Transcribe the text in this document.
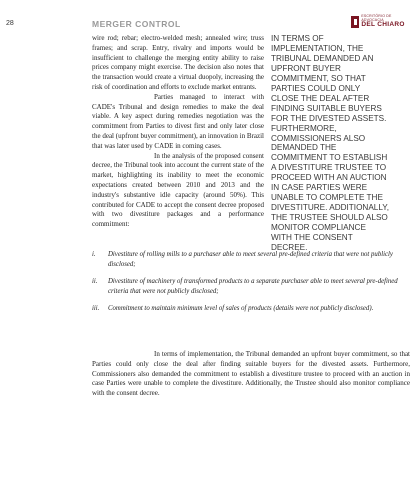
28	MERGER CONTROL
ESCRITÓRIO DE ADVOCACIA
DEL CHIARO

wire rod; rebar; electro-welded mesh; annealed wire; truss frames; and scrap. Entry, rivalry and imports would be insufficient to challenge the merging entity ability to raise prices company might exercise. The decision also notes that the transaction would create a virtual duopoly, increasing the risk of coordination and efforts to exclude market entrants.

Parties managed to interact with CADE's Tribunal and design remedies to make the deal viable. A key aspect during remedies negotiation was the commitment from Parties to divest first and only later close the deal (upfront buyer commitment), an innovation in Brazil that was later used by CADE in coming cases.

In the analysis of the proposed consent decree, the Tribunal took into account the current state of the market, highlighting its inability to meet the economic expectations created between 2010 and 2013 and the industry's substantive idle capacity (around 50%). This contributed for CADE to accept the consent decree proposed with two divestiture packages and a performance commitment:

IN TERMS OF IMPLEMENTATION, THE TRIBUNAL DEMANDED AN UPFRONT BUYER COMMITMENT, SO THAT PARTIES COULD ONLY CLOSE THE DEAL AFTER FINDING SUITABLE BUYERS FOR THE DIVESTED ASSETS. FURTHERMORE, COMMISSIONERS ALSO DEMANDED THE COMMITMENT TO ESTABLISH A DIVESTITURE TRUSTEE TO PROCEED WITH AN AUCTION IN CASE PARTIES WERE UNABLE TO COMPLETE THE DIVESTITURE. ADDITIONALLY, THE TRUSTEE SHOULD ALSO MONITOR COMPLIANCE WITH THE CONSENT DECREE.
i.	Divestiture of rolling mills to a purchaser able to meet several pre-defined criteria that were not publicly disclosed;
ii.	Divestiture of machinery of transformed products to a separate purchaser able to meet several pre-defined criteria that were not publicly disclosed;
iii.	Commitment to maintain minimum level of sales of products (details were not publicly disclosed).

In terms of implementation, the Tribunal demanded an upfront buyer commitment, so that Parties could only close the deal after finding suitable buyers for the divested assets. Furthermore, Commissioners also demanded the commitment to establish a divestiture trustee to proceed with an auction in case Parties were unable to complete the divestiture. Additionally, the Trustee should also monitor compliance with the consent decree.
